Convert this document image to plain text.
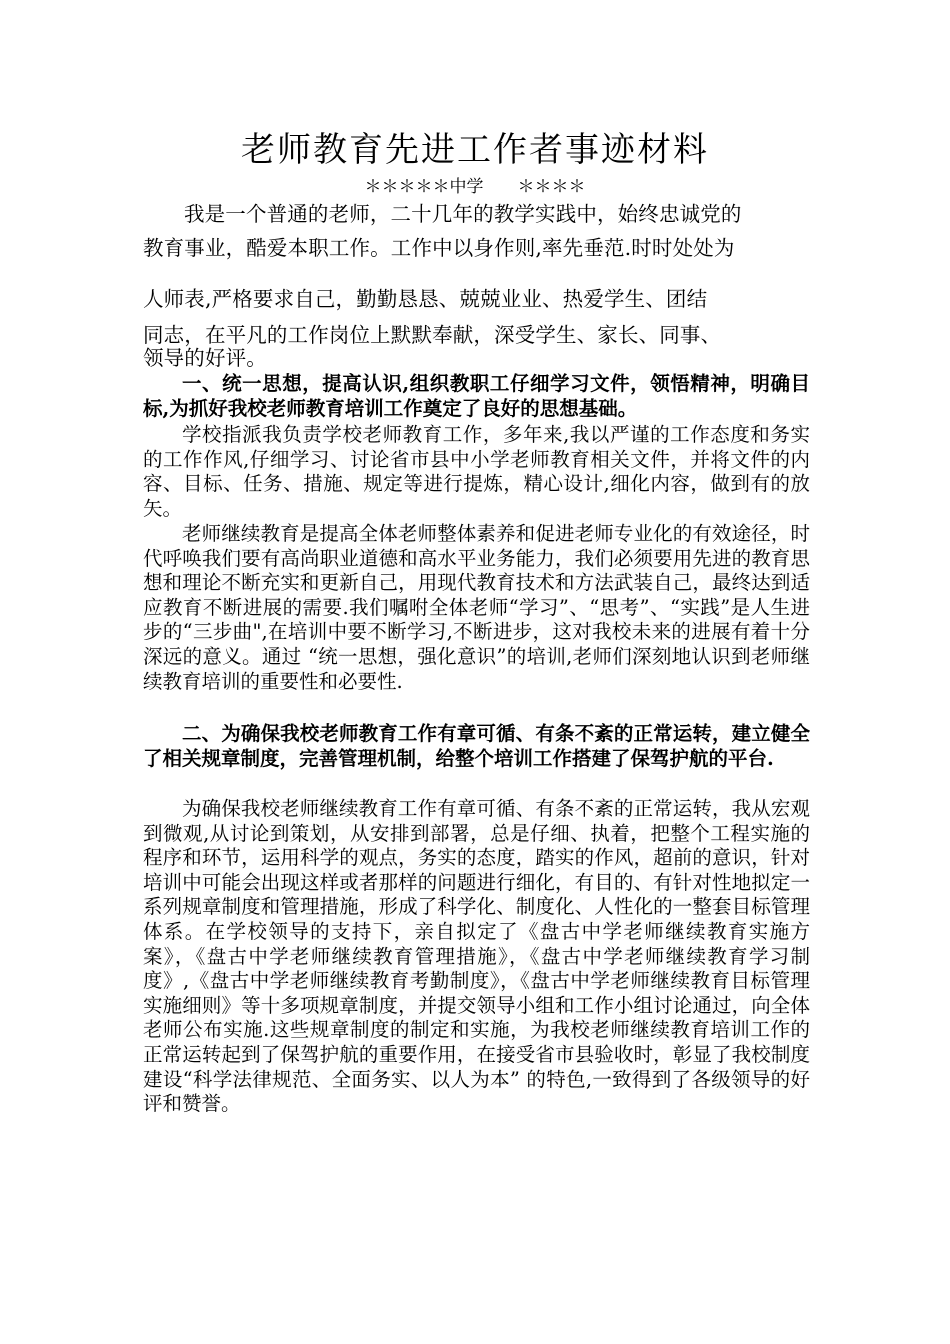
老师教育先进工作者事迹材料
＊＊＊＊＊中学　　＊＊＊＊

我是一个普通的老师，二十几年的教学实践中，始终忠诚党的

教育事业，酷爱本职工作。工作中以身作则,率先垂范.时时处处为

人师表,严格要求自己，勤勤恳恳、兢兢业业、热爱学生、团结

同志，在平凡的工作岗位上默默奉献，深受学生、家长、同事、

领导的好评。

一、统一思想，提高认识,组织教职工仔细学习文件，领悟精神，明确目标,为抓好我校老师教育培训工作奠定了良好的思想基础。

学校指派我负责学校老师教育工作，多年来,我以严谨的工作态度和务实的工作作风,仔细学习、讨论省市县中小学老师教育相关文件，并将文件的内容、目标、任务、措施、规定等进行提炼，精心设计,细化内容，做到有的放矢。

老师继续教育是提高全体老师整体素养和促进老师专业化的有效途径，时代呼唤我们要有高尚职业道德和高水平业务能力，我们必须要用先进的教育思想和理论不断充实和更新自己，用现代教育技术和方法武装自己，最终达到适应教育不断进展的需要.我们嘱咐全体老师“学习”、“思考”、“实践”是人生进步的“三步曲",在培训中要不断学习,不断进步，这对我校未来的进展有着十分深远的意义。通过 “统一思想，强化意识”的培训,老师们深刻地认识到老师继续教育培训的重要性和必要性.

二、为确保我校老师教育工作有章可循、有条不紊的正常运转，建立健全了相关规章制度，完善管理机制，给整个培训工作搭建了保驾护航的平台.

为确保我校老师继续教育工作有章可循、有条不紊的正常运转，我从宏观到微观,从讨论到策划，从安排到部署，总是仔细、执着，把整个工程实施的程序和环节，运用科学的观点，务实的态度，踏实的作风，超前的意识，针对培训中可能会出现这样或者那样的问题进行细化，有目的、有针对性地拟定一系列规章制度和管理措施，形成了科学化、制度化、人性化的一整套目标管理体系。在学校领导的支持下，亲自拟定了《盘古中学老师继续教育实施方案》，《盘古中学老师继续教育管理措施》，《盘古中学老师继续教育学习制度》,《盘古中学老师继续教育考勤制度》，《盘古中学老师继续教育目标管理实施细则》等十多项规章制度，并提交领导小组和工作小组讨论通过，向全体老师公布实施.这些规章制度的制定和实施，为我校老师继续教育培训工作的正常运转起到了保驾护航的重要作用，在接受省市县验收时，彰显了我校制度建设“科学法律规范、全面务实、以人为本” 的特色,一致得到了各级领导的好评和赞誉。
